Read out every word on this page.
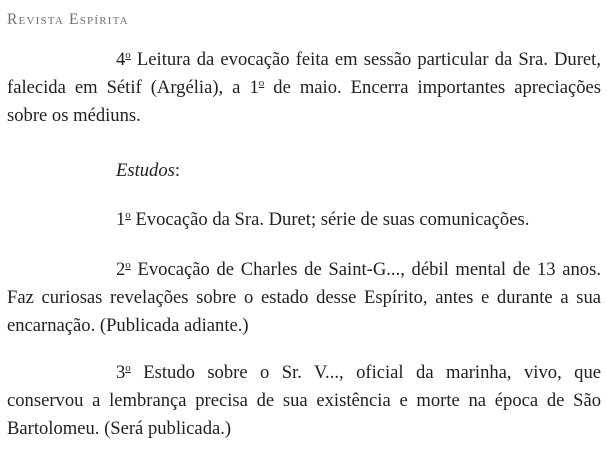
Revista Espírita

4$^o$ Leitura da evocação feita em sessão particular da Sra. Duret, falecida em Sétif (Argélia), a 1$^o$ de maio. Encerra importantes apreciações sobre os médiuns.

Estudos:

1$^o$ Evocação da Sra. Duret; série de suas comunicações.

2$^o$ Evocação de Charles de Saint-G..., débil mental de 13 anos. Faz curiosas revelações sobre o estado desse Espírito, antes e durante a sua encarnação. (Publicada adiante.)

3$^o$ Estudo sobre o Sr. V..., oficial da marinha, vivo, que conservou a lembrança precisa de sua existência e morte na época de São Bartolomeu. (Será publicada.)
